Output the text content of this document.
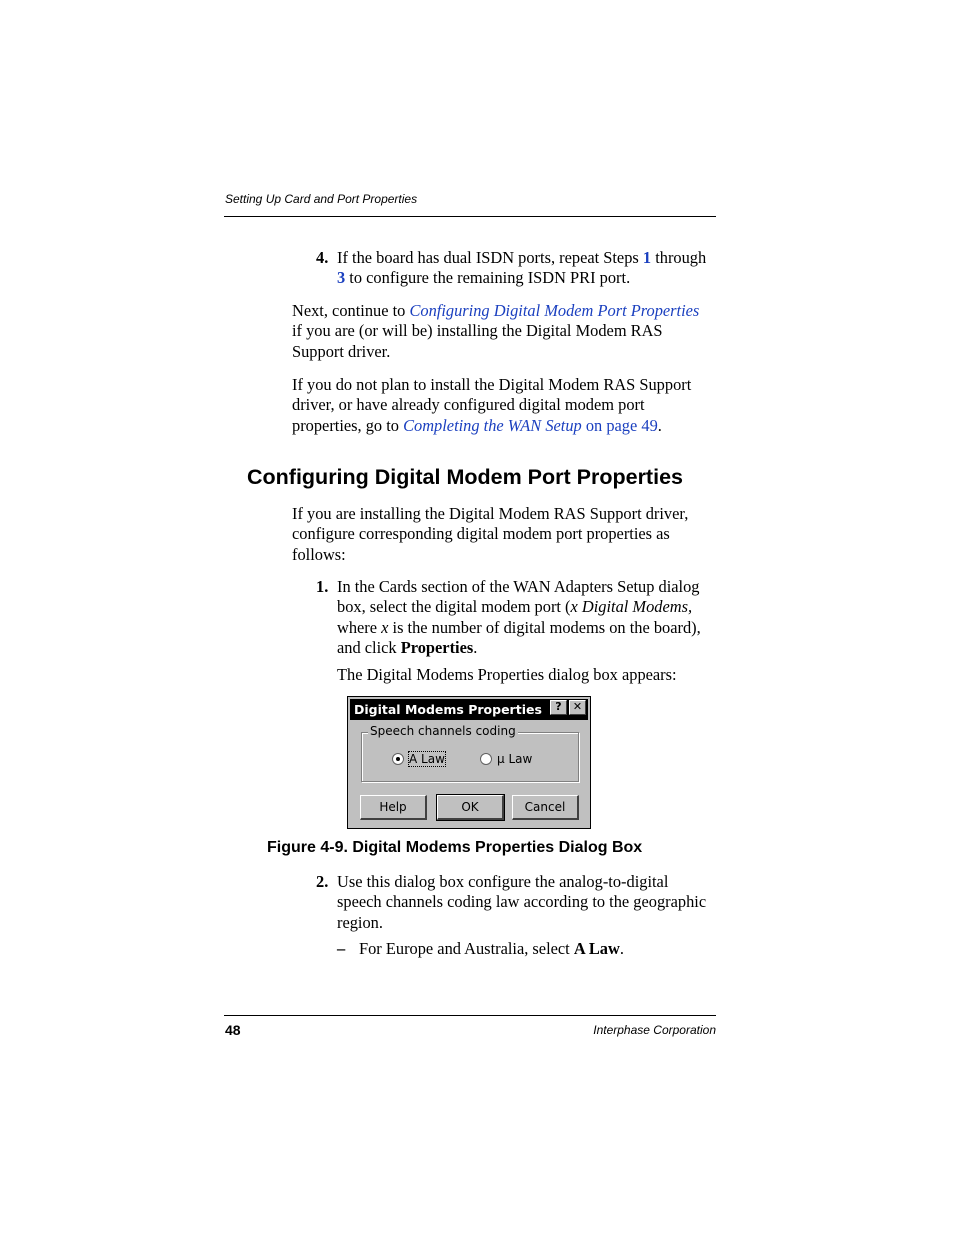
Setting Up Card and Port Properties
4. If the board has dual ISDN ports, repeat Steps 1 through
3 to configure the remaining ISDN PRI port.
Next, continue to Configuring Digital Modem Port Properties
if you are (or will be) installing the Digital Modem RAS
Support driver.
If you do not plan to install the Digital Modem RAS Support
driver, or have already configured digital modem port
properties, go to Completing the WAN Setup on page 49.
Configuring Digital Modem Port Properties
If you are installing the Digital Modem RAS Support driver,
configure corresponding digital modem port properties as
follows:
1. In the Cards section of the WAN Adapters Setup dialog
box, select the digital modem port (x Digital Modems,
where x is the number of digital modems on the board),
and click Properties.
The Digital Modems Properties dialog box appears:
Digital Modems Properties	?	✕
Speech channels coding
A Law	μ Law
Help	OK	Cancel
Figure 4-9. Digital Modems Properties Dialog Box
2. Use this dialog box configure the analog-to-digital
speech channels coding law according to the geographic
region.
– For Europe and Australia, select A Law.
48	Interphase Corporation
